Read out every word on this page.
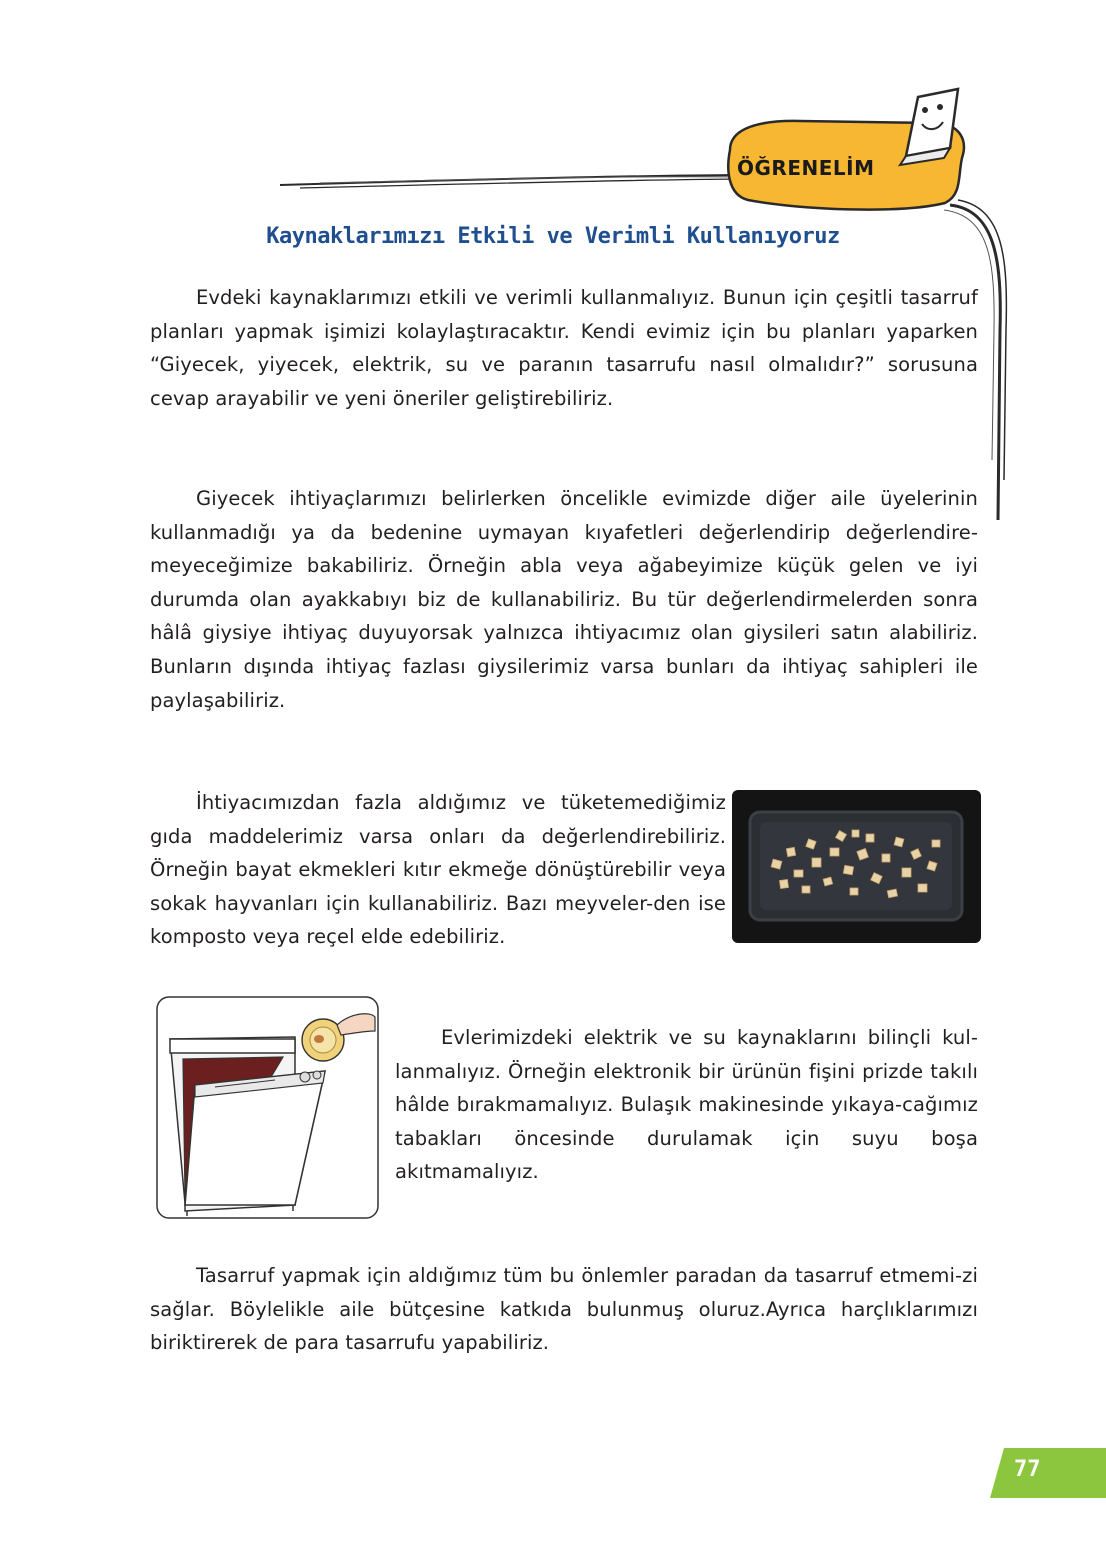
ÖĞRENELİM
Kaynaklarımızı Etkili ve Verimli Kullanıyoruz

Evdeki kaynaklarımızı etkili ve verimli kullanmalıyız. Bunun için çeşitli tasarruf planları yapmak işimizi kolaylaştıracaktır. Kendi evimiz için bu planları yaparken “Giyecek, yiyecek, elektrik, su ve paranın tasarrufu nasıl olmalıdır?” sorusuna cevap arayabilir ve yeni öneriler geliştirebiliriz.

Giyecek ihtiyaçlarımızı belirlerken öncelikle evimizde diğer aile üyelerinin kullanmadığı ya da bedenine uymayan kıyafetleri değerlendirip değerlendire-meyeceğimize bakabiliriz. Örneğin abla veya ağabeyimize küçük gelen ve iyi durumda olan ayakkabıyı biz de kullanabiliriz. Bu tür değerlendirmelerden sonra hâlâ giysiye ihtiyaç duyuyorsak yalnızca ihtiyacımız olan giysileri satın alabiliriz. Bunların dışında ihtiyaç fazlası giysilerimiz varsa bunları da ihtiyaç sahipleri ile paylaşabiliriz.

İhtiyacımızdan fazla aldığımız ve tüketemediğimiz gıda maddelerimiz varsa onları da değerlendirebiliriz. Örneğin bayat ekmekleri kıtır ekmeğe dönüştürebilir veya sokak hayvanları için kullanabiliriz. Bazı meyveler-den ise komposto veya reçel elde edebiliriz.

Evlerimizdeki elektrik ve su kaynaklarını bilinçli kul-lanmalıyız. Örneğin elektronik bir ürünün fişini prizde takılı hâlde bırakmamalıyız. Bulaşık makinesinde yıkaya-cağımız tabakları öncesinde durulamak için suyu boşa akıtmamalıyız.

Tasarruf yapmak için aldığımız tüm bu önlemler paradan da tasarruf etmemi-zi sağlar. Böylelikle aile bütçesine katkıda bulunmuş oluruz.Ayrıca harçlıklarımızı biriktirerek de para tasarrufu yapabiliriz.

77
